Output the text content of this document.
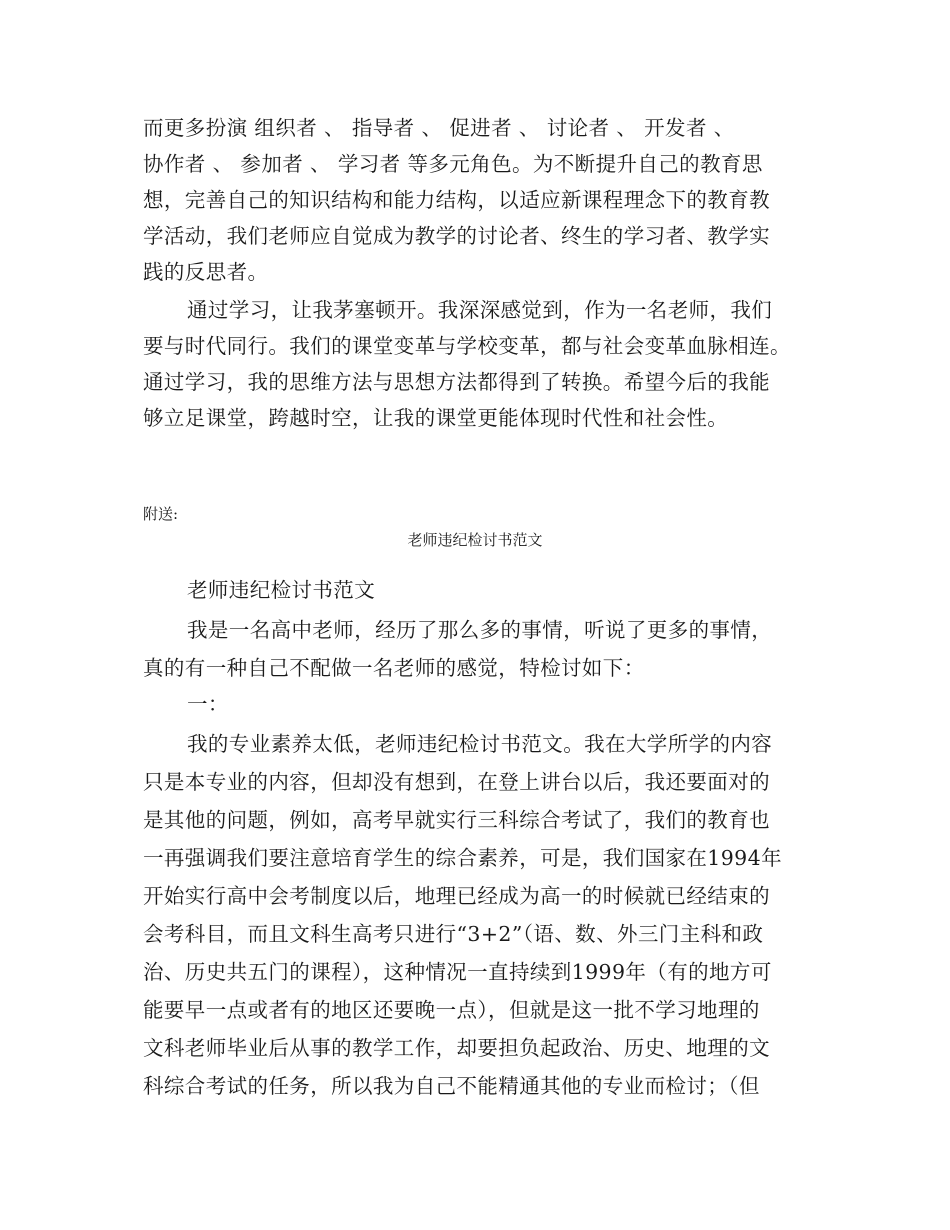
而更多扮演 组织者 、 指导者 、 促进者 、 讨论者 、 开发者 、
协作者 、 参加者 、 学习者 等多元角色。为不断提升自己的教育思
想，完善自己的知识结构和能力结构，以适应新课程理念下的教育教
学活动，我们老师应自觉成为教学的讨论者、终生的学习者、教学实
践的反思者。
通过学习，让我茅塞顿开。我深深感觉到，作为一名老师，我们
要与时代同行。我们的课堂变革与学校变革，都与社会变革血脉相连。
通过学习，我的思维方法与思想方法都得到了转换。希望今后的我能
够立足课堂，跨越时空，让我的课堂更能体现时代性和社会性。
附送:
老师违纪检讨书范文
老师违纪检讨书范文
我是一名高中老师，经历了那么多的事情，听说了更多的事情，
真的有一种自己不配做一名老师的感觉，特检讨如下：
一：
我的专业素养太低，老师违纪检讨书范文。我在大学所学的内容
只是本专业的内容，但却没有想到，在登上讲台以后，我还要面对的
是其他的问题，例如，高考早就实行三科综合考试了，我们的教育也
一再强调我们要注意培育学生的综合素养，可是，我们国家在1994年
开始实行高中会考制度以后，地理已经成为高一的时候就已经结束的
会考科目，而且文科生高考只进行“3+2”（语、数、外三门主科和政
治、历史共五门的课程），这种情况一直持续到1999年（有的地方可
能要早一点或者有的地区还要晚一点），但就是这一批不学习地理的
文科老师毕业后从事的教学工作，却要担负起政治、历史、地理的文
科综合考试的任务，所以我为自己不能精通其他的专业而检讨；（但
